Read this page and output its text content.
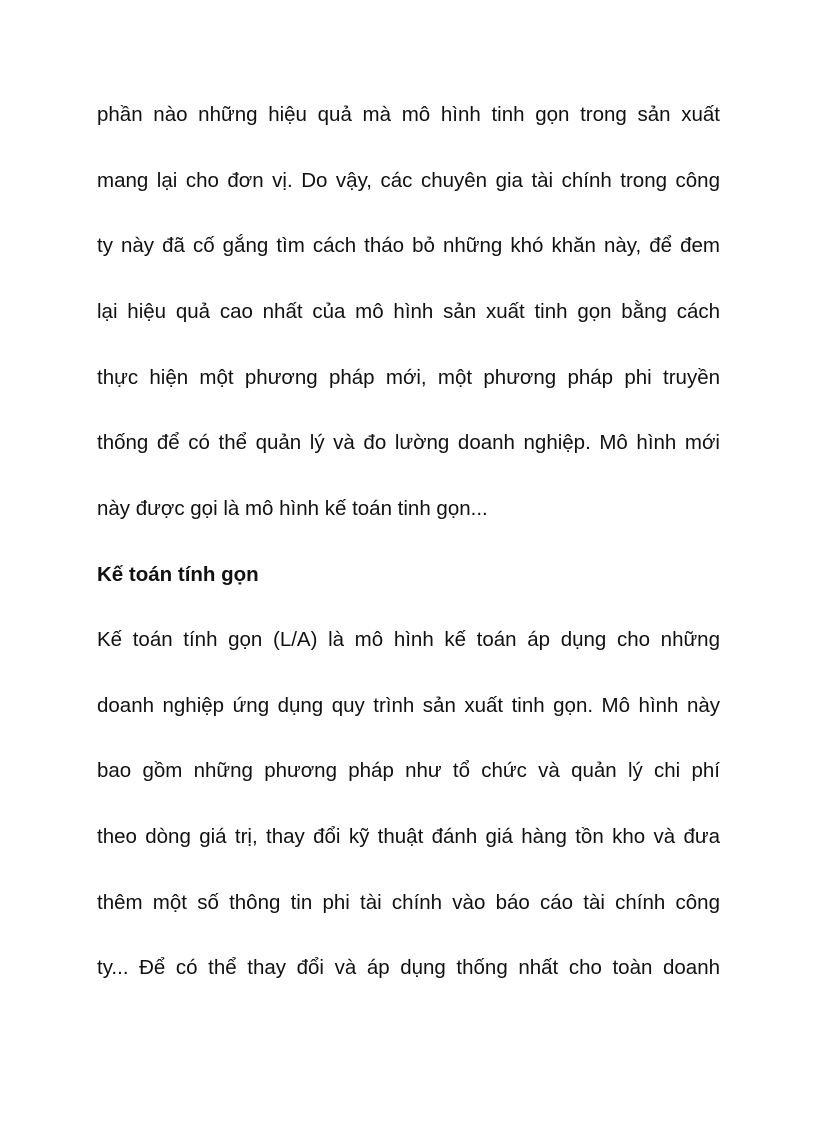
phần nào những hiệu quả mà mô hình tinh gọn trong sản xuất
mang lại cho đơn vị. Do vậy, các chuyên gia tài chính trong công
ty này đã cố gắng tìm cách tháo bỏ những khó khăn này, để đem
lại hiệu quả cao nhất của mô hình sản xuất tinh gọn bằng cách
thực hiện một phương pháp mới, một phương pháp phi truyền
thống để có thể quản lý và đo lường doanh nghiệp. Mô hình mới
này được gọi là mô hình kế toán tinh gọn...
Kế toán tính gọn
Kế toán tính gọn (L/A) là mô hình kế toán áp dụng cho những
doanh nghiệp ứng dụng quy trình sản xuất tinh gọn. Mô hình này
bao gồm những phương pháp như tổ chức và quản lý chi phí
theo dòng giá trị, thay đổi kỹ thuật đánh giá hàng tồn kho và đưa
thêm một số thông tin phi tài chính vào báo cáo tài chính công
ty... Để có thể thay đổi và áp dụng thống nhất cho toàn doanh
